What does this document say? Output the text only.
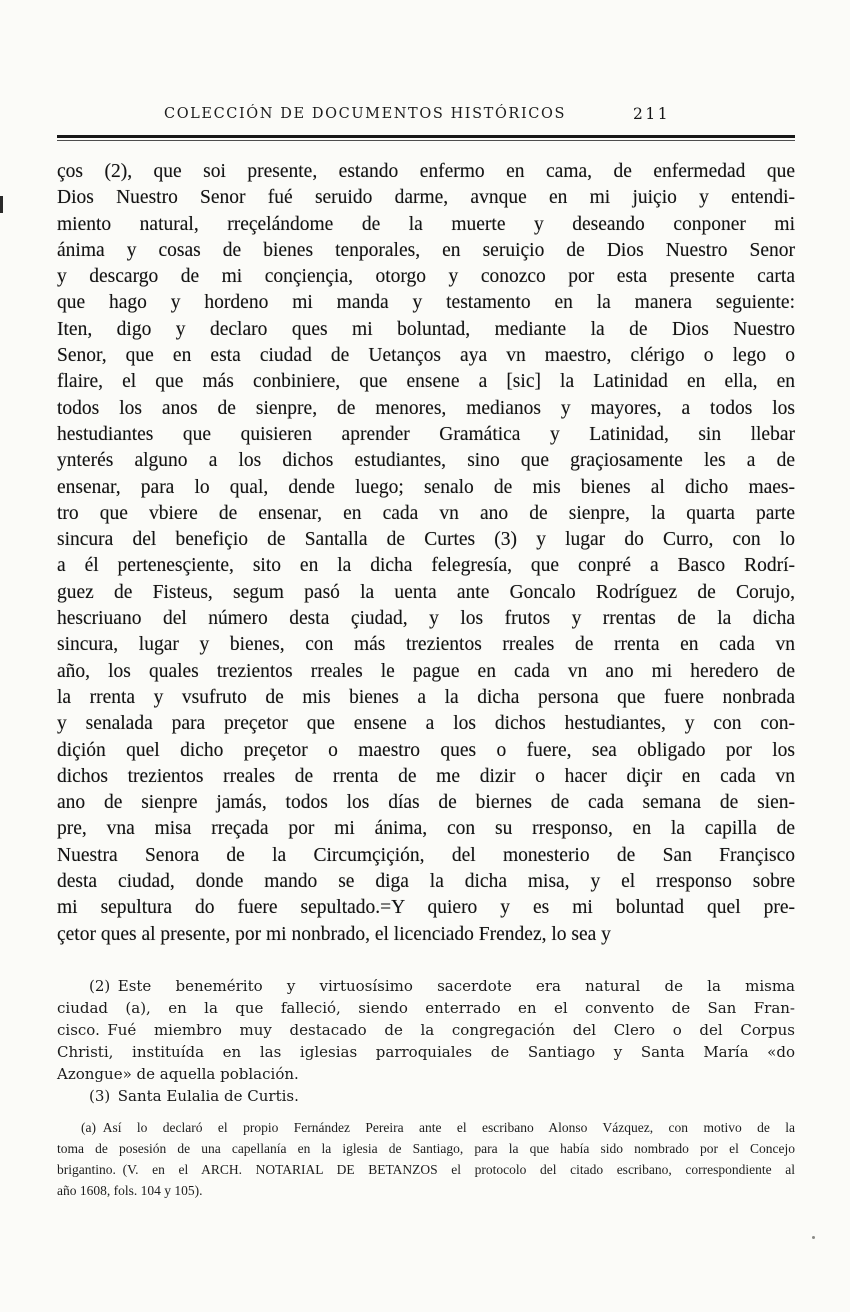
COLECCIÓN DE DOCUMENTOS HISTÓRICOS	211
ços (2), que soi presente, estando enfermo en cama, de enfermedad que
Dios Nuestro Senor fué seruido darme, avnque en mi juiçio y entendi-
miento natural, rreçelándome de la muerte y deseando conponer mi
ánima y cosas de bienes tenporales, en seruiçio de Dios Nuestro Senor
y descargo de mi conçiençia, otorgo y conozco por esta presente carta
que hago y hordeno mi manda y testamento en la manera seguiente:
Iten, digo y declaro ques mi boluntad, mediante la de Dios Nuestro
Senor, que en esta ciudad de Uetanços aya vn maestro, clérigo o lego o
flaire, el que más conbiniere, que ensene a [sic] la Latinidad en ella, en
todos los anos de sienpre, de menores, medianos y mayores, a todos los
hestudiantes que quisieren aprender Gramática y Latinidad, sin llebar
ynterés alguno a los dichos estudiantes, sino que graçiosamente les a de
ensenar, para lo qual, dende luego; senalo de mis bienes al dicho maes-
tro que vbiere de ensenar, en cada vn ano de sienpre, la quarta parte
sincura del benefiçio de Santalla de Curtes (3) y lugar do Curro, con lo
a él pertenesçiente, sito en la dicha felegresía, que conpré a Basco Rodrí-
guez de Fisteus, segum pasó la uenta ante Goncalo Rodríguez de Corujo,
hescriuano del número desta çiudad, y los frutos y rrentas de la dicha
sincura, lugar y bienes, con más trezientos rreales de rrenta en cada vn
año, los quales trezientos rreales le pague en cada vn ano mi heredero de
la rrenta y vsufruto de mis bienes a la dicha persona que fuere nonbrada
y senalada para preçetor que ensene a los dichos hestudiantes, y con con-
diçión quel dicho preçetor o maestro ques o fuere, sea obligado por los
dichos trezientos rreales de rrenta de me dizir o hacer diçir en cada vn
ano de sienpre jamás, todos los días de biernes de cada semana de sien-
pre, vna misa rreçada por mi ánima, con su rresponso, en la capilla de
Nuestra Senora de la Circumçiçión, del monesterio de San Françisco
desta ciudad, donde mando se diga la dicha misa, y el rresponso sobre
mi sepultura do fuere sepultado.=Y quiero y es mi boluntad quel pre-
çetor ques al presente, por mi nonbrado, el licenciado Frendez, lo sea y
(2) Este benemérito y virtuosísimo sacerdote era natural de la misma
ciudad (a), en la que falleció, siendo enterrado en el convento de San Fran-
cisco. Fué miembro muy destacado de la congregación del Clero o del Corpus
Christi, instituída en las iglesias parroquiales de Santiago y Santa María «do
Azongue» de aquella población.
(3) Santa Eulalia de Curtis.
(a) Así lo declaró el propio Fernández Pereira ante el escribano Alonso Vázquez, con motivo de la
toma de posesión de una capellanía en la iglesia de Santiago, para la que había sido nombrado por el Concejo
brigantino. (V. en el ARCH. NOTARIAL DE BETANZOS el protocolo del citado escribano, correspondiente al
año 1608, fols. 104 y 105).
